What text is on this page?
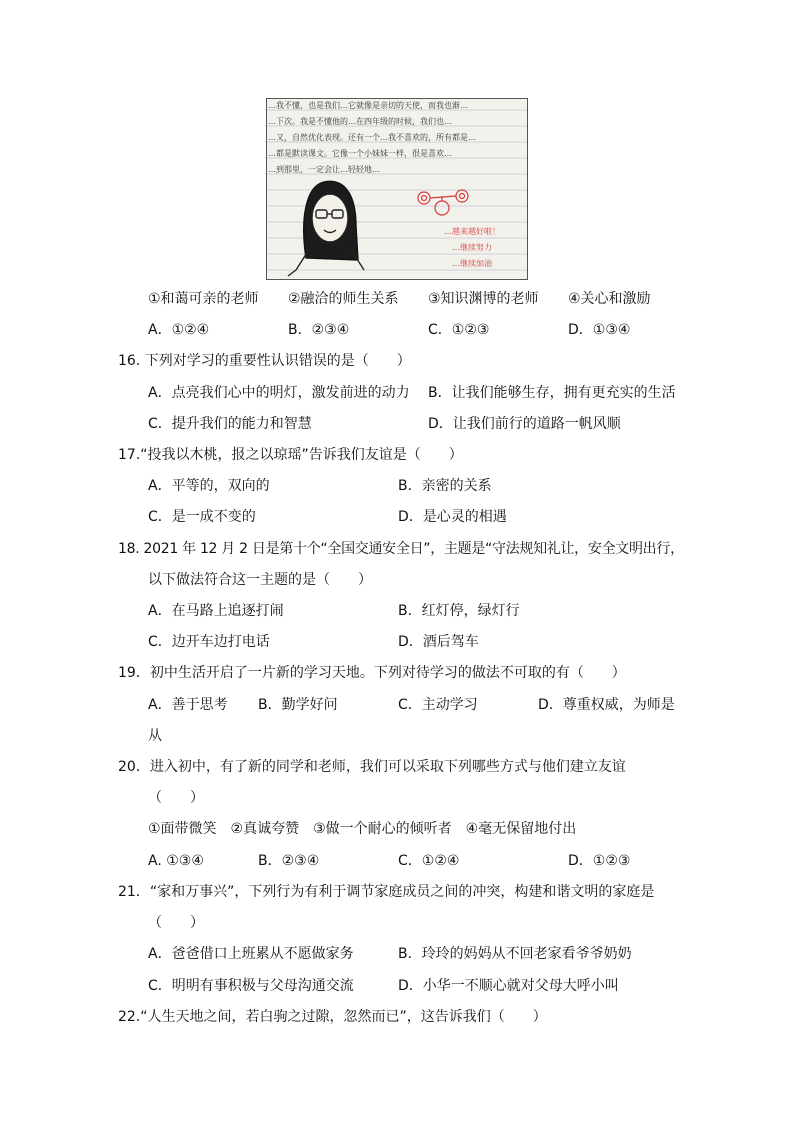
…我不懂，也是我们…它就像是亲切的天使，而我也渐…
…下次。我是不懂他的…在四年级的时候，我们也…
…又，自然优化表现。还有一个…我不喜欢的，所有都是…
…都是默读课文。它像一个小妹妹一样，很是喜欢…
…到那里，一定会让…轻轻地…
…越来越好啦！
…继续努力
…继续加油
①和蔼可亲的老师 ②融洽的师生关系 ③知识渊博的老师 ④关心和激励
A．①②④	B．②③④	C．①②③	D．①③④
16. 下列对学习的重要性认识错误的是（　　）
A．点亮我们心中的明灯，激发前进的动力 B．让我们能够生存，拥有更充实的生活
C．提升我们的能力和智慧	D．让我们前行的道路一帆风顺
17.“投我以木桃，报之以琼瑶”告诉我们友谊是（　　）
A．平等的，双向的	B．亲密的关系
C．是一成不变的	D．是心灵的相遇
18. 2021 年 12 月 2 日是第十个“全国交通安全日”，主题是“守法规知礼让，安全文明出行，
以下做法符合这一主题的是（　　）
A．在马路上追逐打闹	B．红灯停，绿灯行
C．边开车边打电话	D．酒后驾车
19．初中生活开启了一片新的学习天地。下列对待学习的做法不可取的有（　　）
A．善于思考 B．勤学好问	C．主动学习	D．尊重权威，为师是
从
20．进入初中，有了新的同学和老师，我们可以采取下列哪些方式与他们建立友谊
（　　）
①面带微笑　②真诚夸赞　③做一个耐心的倾听者　④毫无保留地付出
A. ①③④	B．②③④	C．①②④	D．①②③
21．“家和万事兴”，下列行为有利于调节家庭成员之间的冲突，构建和谐文明的家庭是
（　　）
A．爸爸借口上班累从不愿做家务	B．玲玲的妈妈从不回老家看爷爷奶奶
C．明明有事积极与父母沟通交流	D．小华一不顺心就对父母大呼小叫
22.“人生天地之间，若白驹之过隙，忽然而已”，这告诉我们（　　）
